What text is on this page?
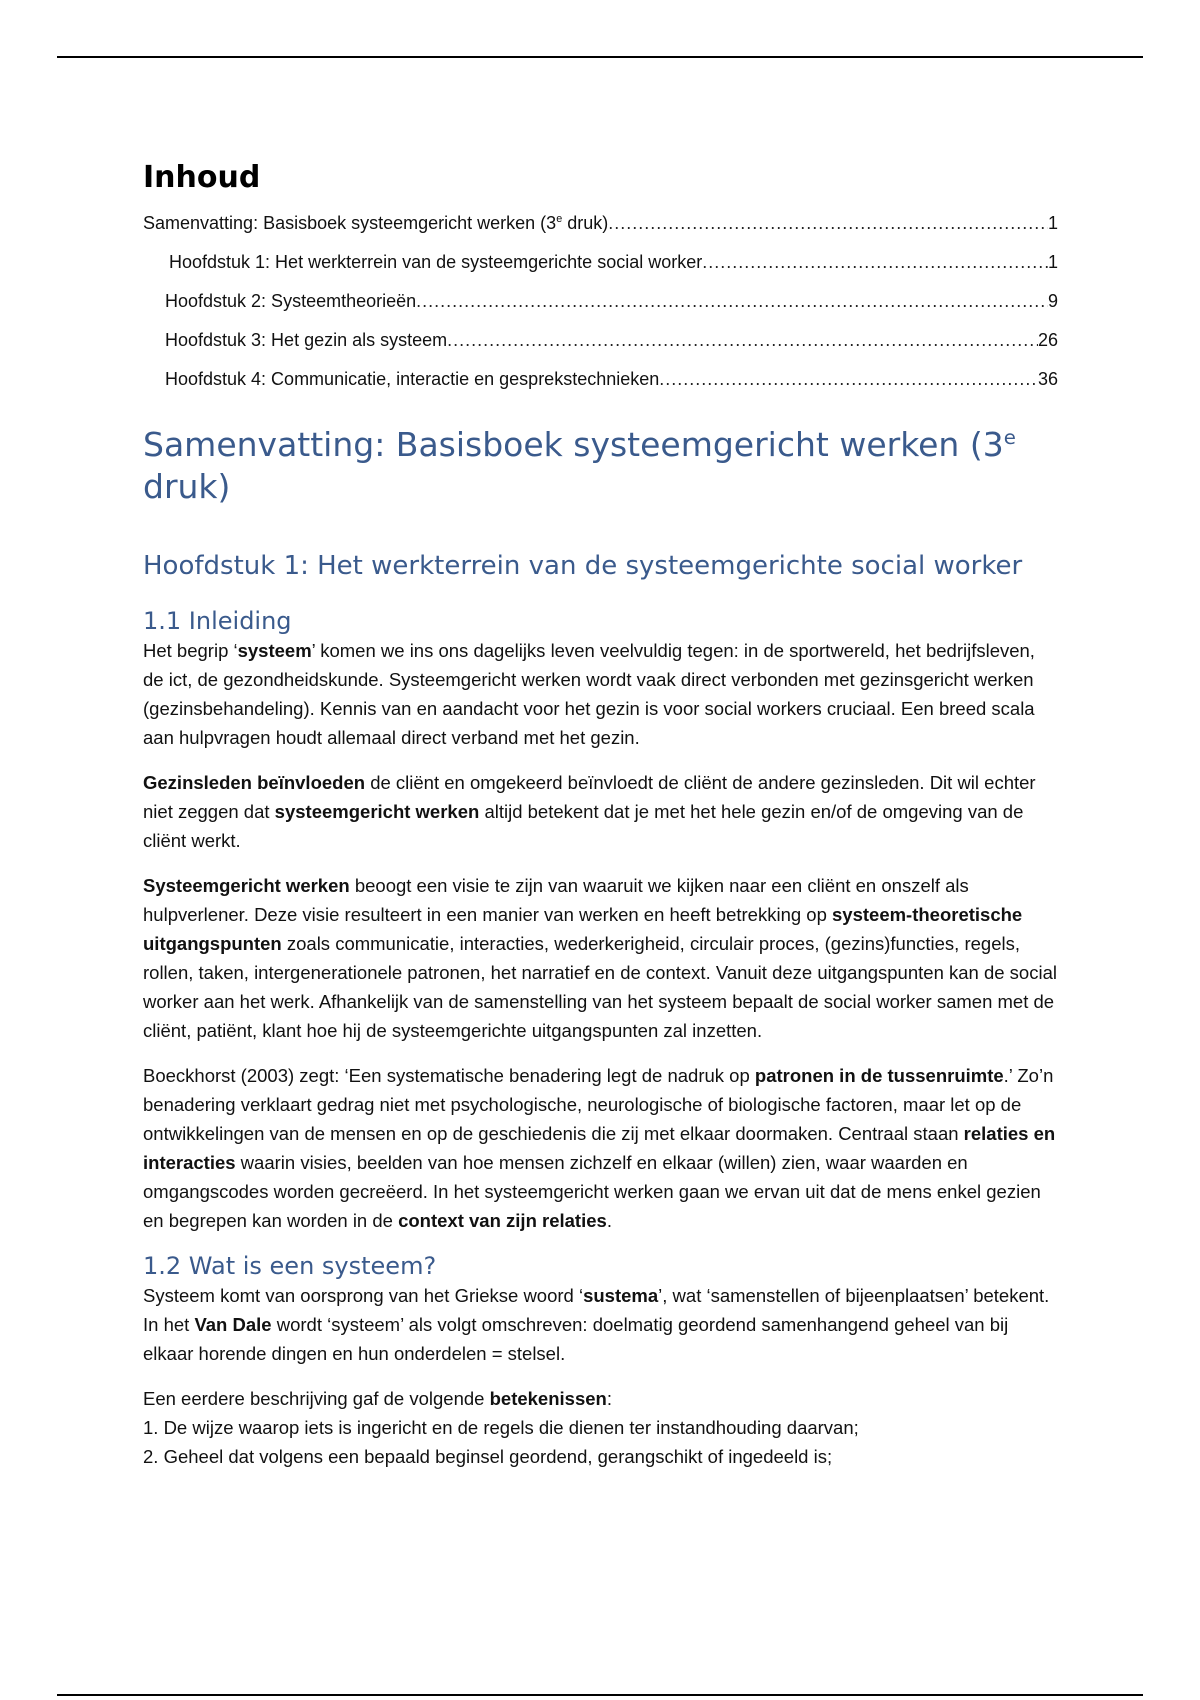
Inhoud
Samenvatting: Basisboek systeemgericht werken (3e druk) .....	1
Hoofdstuk 1: Het werkterrein van de systeemgerichte social worker .....	1
Hoofdstuk 2: Systeemtheorieën .....	9
Hoofdstuk 3: Het gezin als systeem .....	26
Hoofdstuk 4: Communicatie, interactie en gesprekstechnieken .....	36
Samenvatting: Basisboek systeemgericht werken (3e druk)
Hoofdstuk 1: Het werkterrein van de systeemgerichte social worker
1.1 Inleiding

Het begrip ‘systeem’ komen we ins ons dagelijks leven veelvuldig tegen: in de sportwereld, het bedrijfsleven, de ict, de gezondheidskunde. Systeemgericht werken wordt vaak direct verbonden met gezinsgericht werken (gezinsbehandeling). Kennis van en aandacht voor het gezin is voor social workers cruciaal. Een breed scala aan hulpvragen houdt allemaal direct verband met het gezin.

Gezinsleden beïnvloeden de cliënt en omgekeerd beïnvloedt de cliënt de andere gezinsleden. Dit wil echter niet zeggen dat systeemgericht werken altijd betekent dat je met het hele gezin en/of de omgeving van de cliënt werkt.

Systeemgericht werken beoogt een visie te zijn van waaruit we kijken naar een cliënt en onszelf als hulpverlener. Deze visie resulteert in een manier van werken en heeft betrekking op systeem-theoretische uitgangspunten zoals communicatie, interacties, wederkerigheid, circulair proces, (gezins)functies, regels, rollen, taken, intergenerationele patronen, het narratief en de context. Vanuit deze uitgangspunten kan de social worker aan het werk. Afhankelijk van de samenstelling van het systeem bepaalt de social worker samen met de cliënt, patiënt, klant hoe hij de systeemgerichte uitgangspunten zal inzetten.

Boeckhorst (2003) zegt: ‘Een systematische benadering legt de nadruk op patronen in de tussenruimte.’ Zo’n benadering verklaart gedrag niet met psychologische, neurologische of biologische factoren, maar let op de ontwikkelingen van de mensen en op de geschiedenis die zij met elkaar doormaken. Centraal staan relaties en interacties waarin visies, beelden van hoe mensen zichzelf en elkaar (willen) zien, waar waarden en omgangscodes worden gecreëerd. In het systeemgericht werken gaan we ervan uit dat de mens enkel gezien en begrepen kan worden in de context van zijn relaties.

1.2 Wat is een systeem?

Systeem komt van oorsprong van het Griekse woord ‘sustema’, wat ‘samenstellen of bijeenplaatsen’ betekent. In het Van Dale wordt ‘systeem’ als volgt omschreven: doelmatig geordend samenhangend geheel van bij elkaar horende dingen en hun onderdelen = stelsel.

Een eerdere beschrijving gaf de volgende betekenissen:

1. De wijze waarop iets is ingericht en de regels die dienen ter instandhouding daarvan;
2. Geheel dat volgens een bepaald beginsel geordend, gerangschikt of ingedeeld is;
